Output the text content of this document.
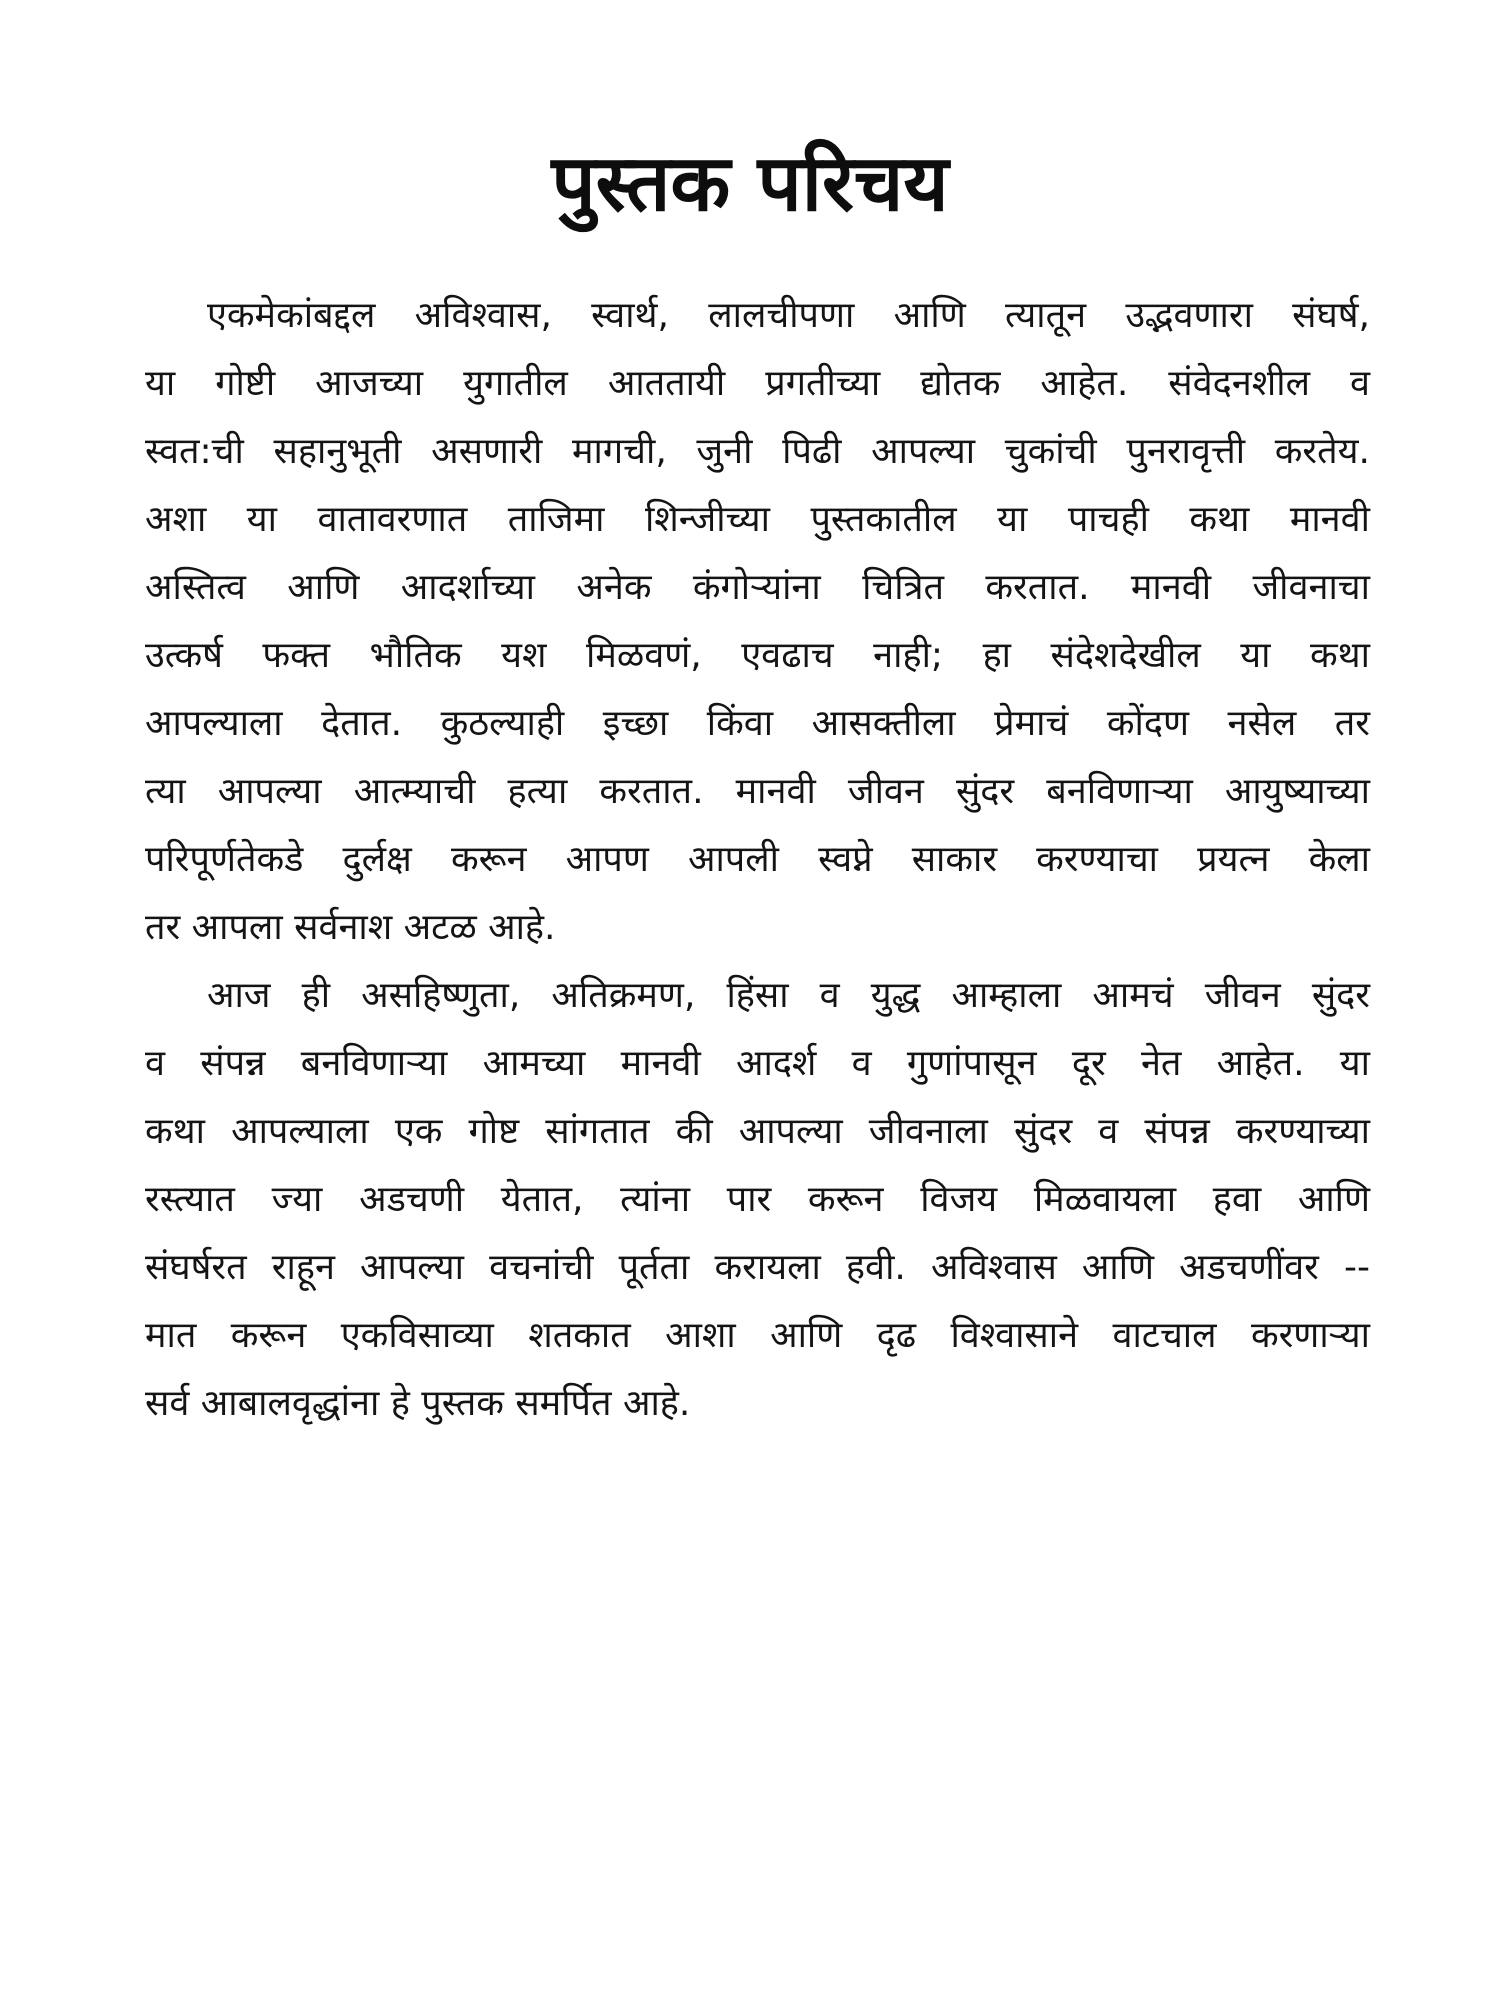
पुस्तक परिचय

एकमेकांबद्दल अविश्वास, स्वार्थ, लालचीपणा आणि त्यातून उद्भवणारा संघर्ष,
या गोष्टी आजच्या युगातील आततायी प्रगतीच्या द्योतक आहेत. संवेदनशील व
स्वत:ची सहानुभूती असणारी मागची, जुनी पिढी आपल्या चुकांची पुनरावृत्ती करतेय.
अशा या वातावरणात ताजिमा शिन्जीच्या पुस्तकातील या पाचही कथा मानवी
अस्तित्व आणि आदर्शाच्या अनेक कंगोऱ्यांना चित्रित करतात. मानवी जीवनाचा
उत्कर्ष फक्त भौतिक यश मिळवणं, एवढाच नाही; हा संदेशदेखील या कथा
आपल्याला देतात. कुठल्याही इच्छा किंवा आसक्तीला प्रेमाचं कोंदण नसेल तर
त्या आपल्या आत्म्याची हत्या करतात. मानवी जीवन सुंदर बनविणाऱ्या आयुष्याच्या
परिपूर्णतेकडे दुर्लक्ष करून आपण आपली स्वप्ने साकार करण्याचा प्रयत्न केला
तर आपला सर्वनाश अटळ आहे.

आज ही असहिष्णुता, अतिक्रमण, हिंसा व युद्ध आम्हाला आमचं जीवन सुंदर
व संपन्न बनविणाऱ्या आमच्या मानवी आदर्श व गुणांपासून दूर नेत आहेत. या
कथा आपल्याला एक गोष्ट सांगतात की आपल्या जीवनाला सुंदर व संपन्न करण्याच्या
रस्त्यात ज्या अडचणी येतात, त्यांना पार करून विजय मिळवायला हवा आणि
संघर्षरत राहून आपल्या वचनांची पूर्तता करायला हवी. अविश्वास आणि अडचणींवर --
मात करून एकविसाव्या शतकात आशा आणि दृढ विश्वासाने वाटचाल करणाऱ्या
सर्व आबालवृद्धांना हे पुस्तक समर्पित आहे.
